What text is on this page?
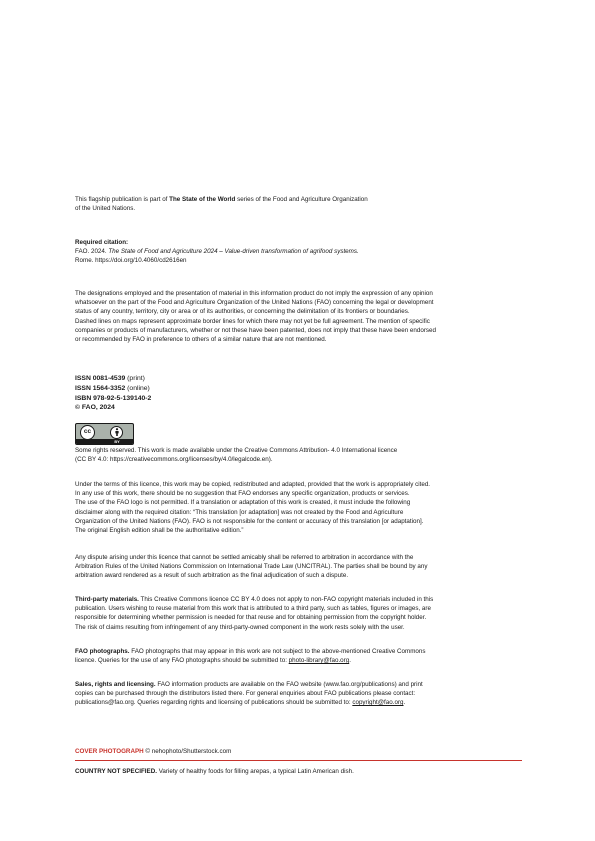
This flagship publication is part of The State of the World series of the Food and Agriculture Organization

of the United Nations.

Required citation:

FAO. 2024. The State of Food and Agriculture 2024 – Value-driven transformation of agrifood systems.

Rome. https://doi.org/10.4060/cd2616en

The designations employed and the presentation of material in this information product do not imply the expression of any opinion

whatsoever on the part of the Food and Agriculture Organization of the United Nations (FAO) concerning the legal or development

status of any country, territory, city or area or of its authorities, or concerning the delimitation of its frontiers or boundaries.

Dashed lines on maps represent approximate border lines for which there may not yet be full agreement. The mention of specific

companies or products of manufacturers, whether or not these have been patented, does not imply that these have been endorsed

or recommended by FAO in preference to others of a similar nature that are not mentioned.

ISSN 0081-4539 (print)

ISSN 1564-3352 (online)

ISBN 978-92-5-139140-2

© FAO, 2024

cc
BY

Some rights reserved. This work is made available under the Creative Commons Attribution- 4.0 International licence

(CC BY 4.0: https://creativecommons.org/licenses/by/4.0/legalcode.en).

Under the terms of this licence, this work may be copied, redistributed and adapted, provided that the work is appropriately cited.

In any use of this work, there should be no suggestion that FAO endorses any specific organization, products or services.

The use of the FAO logo is not permitted. If a translation or adaptation of this work is created, it must include the following

disclaimer along with the required citation: “This translation [or adaptation] was not created by the Food and Agriculture

Organization of the United Nations (FAO). FAO is not responsible for the content or accuracy of this translation [or adaptation].

The original English edition shall be the authoritative edition.”

Any dispute arising under this licence that cannot be settled amicably shall be referred to arbitration in accordance with the

Arbitration Rules of the United Nations Commission on International Trade Law (UNCITRAL). The parties shall be bound by any

arbitration award rendered as a result of such arbitration as the final adjudication of such a dispute.

Third-party materials. This Creative Commons licence CC BY 4.0 does not apply to non-FAO copyright materials included in this

publication. Users wishing to reuse material from this work that is attributed to a third party, such as tables, figures or images, are

responsible for determining whether permission is needed for that reuse and for obtaining permission from the copyright holder.

The risk of claims resulting from infringement of any third-party-owned component in the work rests solely with the user.

FAO photographs. FAO photographs that may appear in this work are not subject to the above-mentioned Creative Commons

licence. Queries for the use of any FAO photographs should be submitted to: photo-library@fao.org.

Sales, rights and licensing. FAO information products are available on the FAO website (www.fao.org/publications) and print

copies can be purchased through the distributors listed there. For general enquiries about FAO publications please contact:

publications@fao.org. Queries regarding rights and licensing of publications should be submitted to: copyright@fao.org.

COVER PHOTOGRAPH © nehophoto/Shutterstock.com
COUNTRY NOT SPECIFIED. Variety of healthy foods for filling arepas, a typical Latin American dish.
